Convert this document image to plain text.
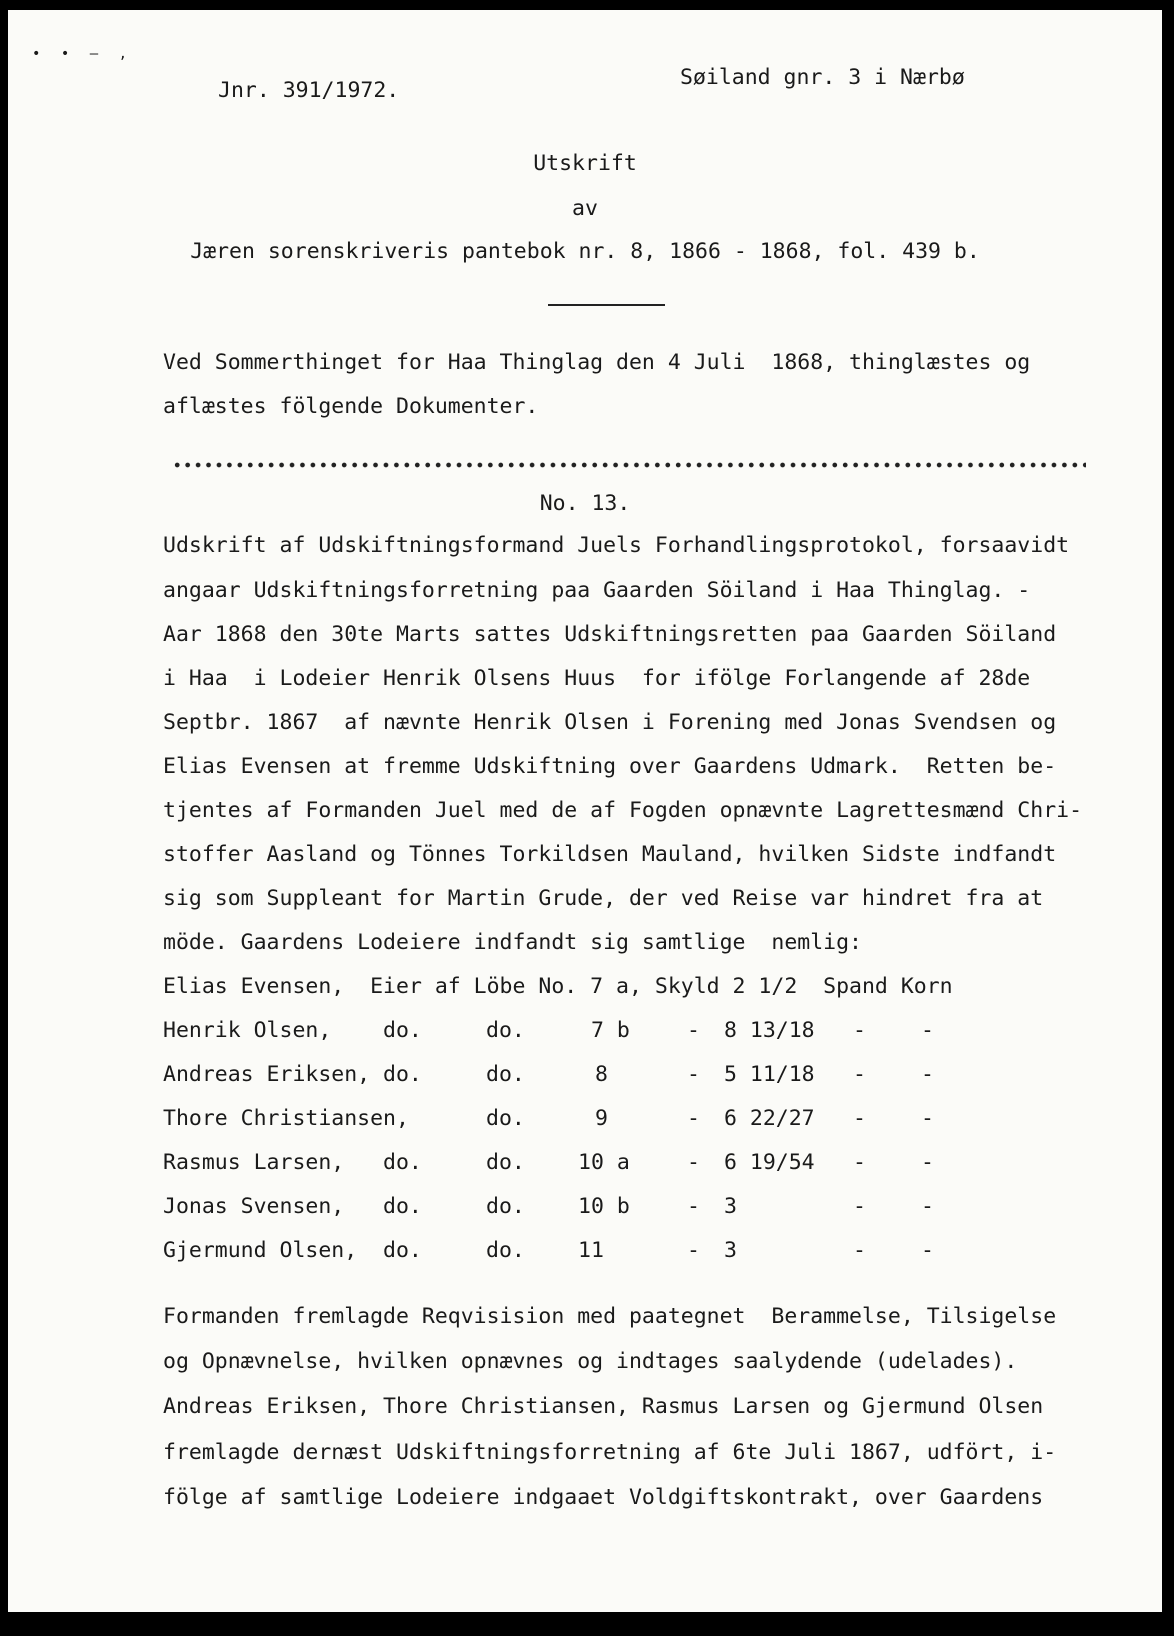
• • — ‚
Jnr. 391/1972.
Søiland gnr. 3 i Nærbø
Utskrift
av
Jæren sorenskriveris pantebok nr. 8, 1866 - 1868, fol. 439 b.
Ved Sommerthinget for Haa Thinglag den 4 Juli  1868, thinglæstes og
aflæstes fölgende Dokumenter.
No. 13.
Udskrift af Udskiftningsformand Juels Forhandlingsprotokol, forsaavidt
angaar Udskiftningsforretning paa Gaarden Söiland i Haa Thinglag. -
Aar 1868 den 30te Marts sattes Udskiftningsretten paa Gaarden Söiland
i Haa  i Lodeier Henrik Olsens Huus  for ifölge Forlangende af 28de
Septbr. 1867  af nævnte Henrik Olsen i Forening med Jonas Svendsen og
Elias Evensen at fremme Udskiftning over Gaardens Udmark.  Retten be-
tjentes af Formanden Juel med de af Fogden opnævnte Lagrettesmænd Chri-
stoffer Aasland og Tönnes Torkildsen Mauland, hvilken Sidste indfandt
sig som Suppleant for Martin Grude, der ved Reise var hindret fra at
möde. Gaardens Lodeiere indfandt sig samtlige  nemlig:
Elias Evensen,  Eier af Löbe No. 7 a, Skyld 2 1/2  Spand Korn
Henrik Olsen, do.	do.	7 b	- 8 13/18 -	-
Andreas Eriksen, do.	do.	8	- 5 11/18 -	-
Thore Christiansen,	do.	9	- 6 22/27 -	-
Rasmus Larsen, do.	do. 10 a	- 6 19/54 -	-
Jonas Svensen, do.	do. 10 b	- 3	-	-
Gjermund Olsen, do.	do. 11	- 3	-	-
Formanden fremlagde Reqvisision med paategnet  Berammelse, Tilsigelse
og Opnævnelse, hvilken opnævnes og indtages saalydende (udelades).
Andreas Eriksen, Thore Christiansen, Rasmus Larsen og Gjermund Olsen
fremlagde dernæst Udskiftningsforretning af 6te Juli 1867, udfört, i-
fölge af samtlige Lodeiere indgaaet Voldgiftskontrakt, over Gaardens
